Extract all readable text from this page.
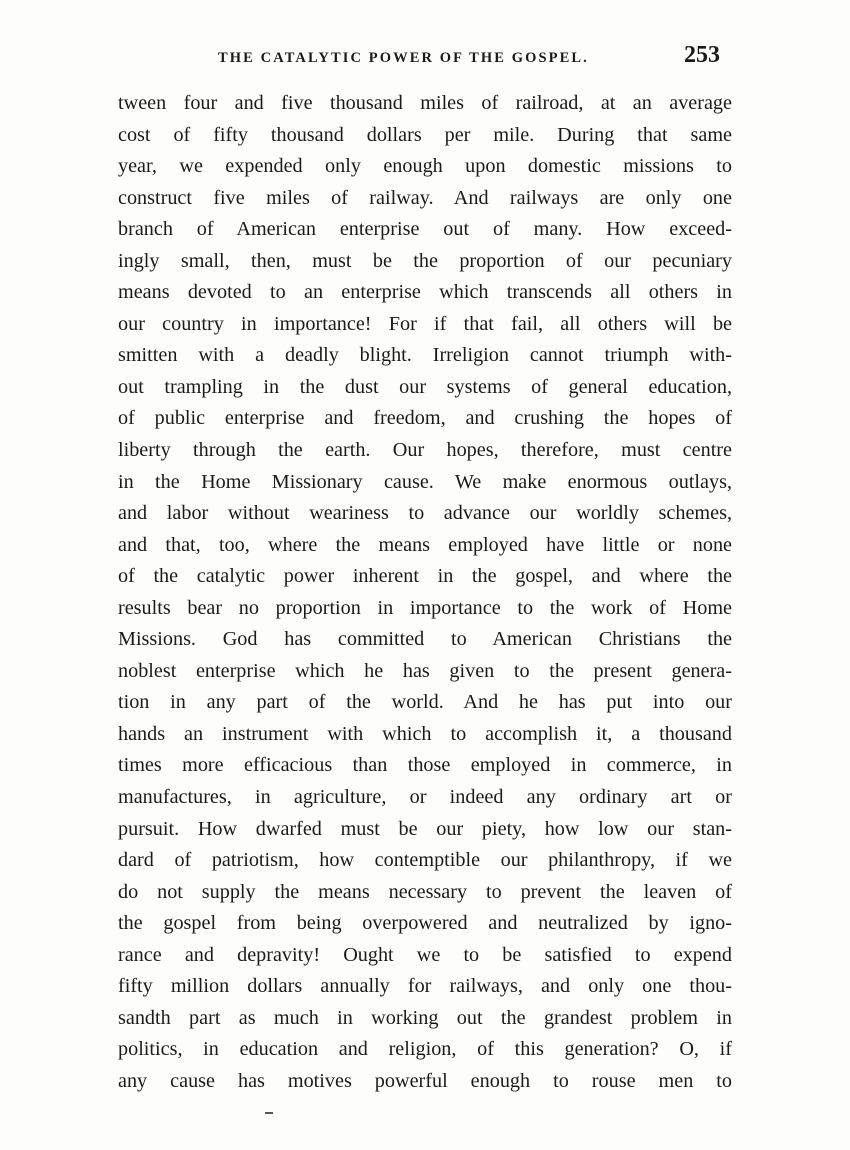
THE CATALYTIC POWER OF THE GOSPEL.	253
tween four and five thousand miles of railroad, at an average
cost of fifty thousand dollars per mile. During that same
year, we expended only enough upon domestic missions to
construct five miles of railway. And railways are only one
branch of American enterprise out of many. How exceed-
ingly small, then, must be the proportion of our pecuniary
means devoted to an enterprise which transcends all others in
our country in importance! For if that fail, all others will be
smitten with a deadly blight. Irreligion cannot triumph with-
out trampling in the dust our systems of general education,
of public enterprise and freedom, and crushing the hopes of
liberty through the earth. Our hopes, therefore, must centre
in the Home Missionary cause. We make enormous outlays,
and labor without weariness to advance our worldly schemes,
and that, too, where the means employed have little or none
of the catalytic power inherent in the gospel, and where the
results bear no proportion in importance to the work of Home
Missions. God has committed to American Christians the
noblest enterprise which he has given to the present genera-
tion in any part of the world. And he has put into our
hands an instrument with which to accomplish it, a thousand
times more efficacious than those employed in commerce, in
manufactures, in agriculture, or indeed any ordinary art or
pursuit. How dwarfed must be our piety, how low our stan-
dard of patriotism, how contemptible our philanthropy, if we
do not supply the means necessary to prevent the leaven of
the gospel from being overpowered and neutralized by igno-
rance and depravity! Ought we to be satisfied to expend
fifty million dollars annually for railways, and only one thou-
sandth part as much in working out the grandest problem in
politics, in education and religion, of this generation? O, if
any cause has motives powerful enough to rouse men to
